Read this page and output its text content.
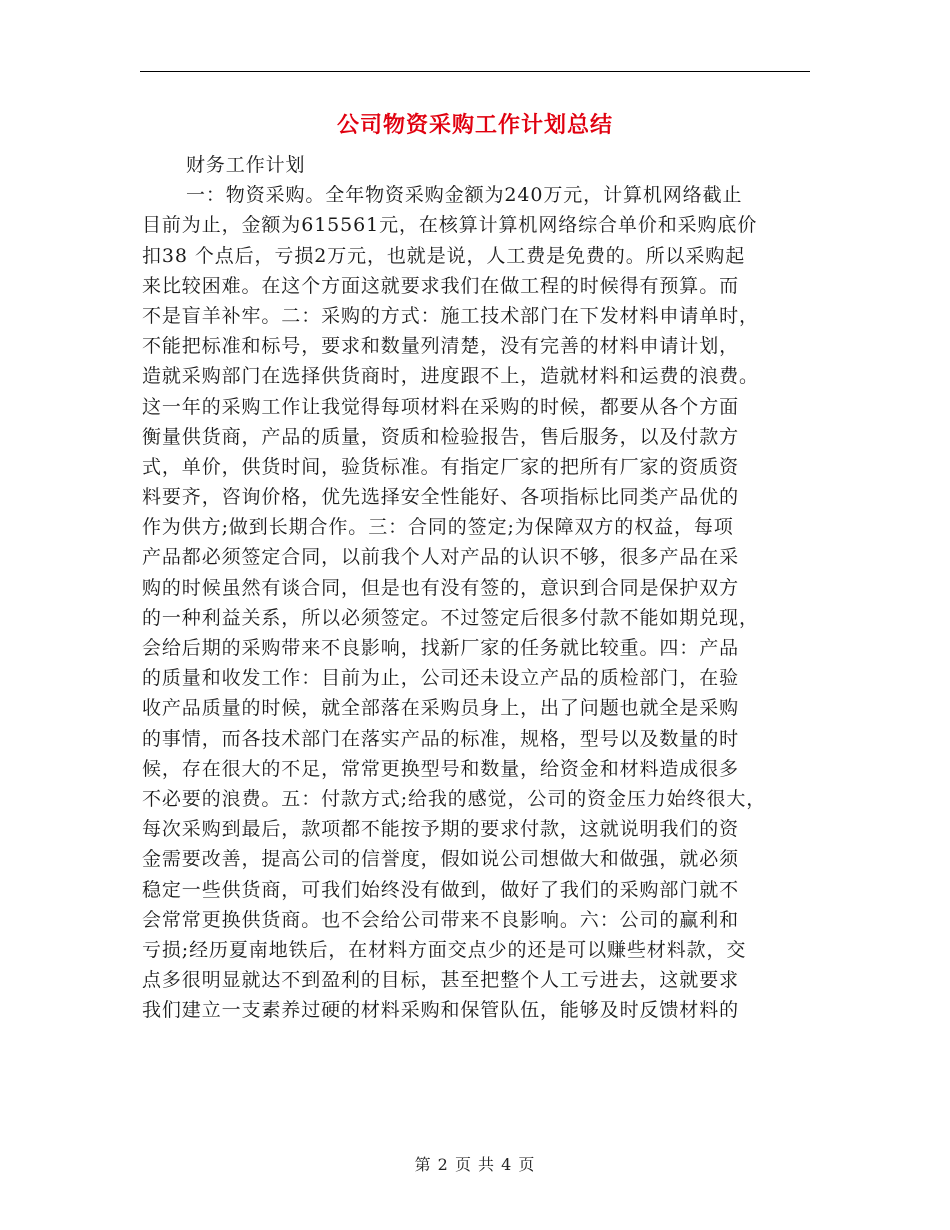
公司物资采购工作计划总结
财务工作计划
一：物资采购。全年物资采购金额为240万元，计算机网络截止
目前为止，金额为615561元，在核算计算机网络综合单价和采购底价
扣38 个点后，亏损2万元，也就是说，人工费是免费的。所以采购起
来比较困难。在这个方面这就要求我们在做工程的时候得有预算。而
不是盲羊补牢。二：采购的方式：施工技术部门在下发材料申请单时，
不能把标准和标号，要求和数量列清楚，没有完善的材料申请计划，
造就采购部门在选择供货商时，进度跟不上，造就材料和运费的浪费。
这一年的采购工作让我觉得每项材料在采购的时候，都要从各个方面
衡量供货商，产品的质量，资质和检验报告，售后服务，以及付款方
式，单价，供货时间，验货标准。有指定厂家的把所有厂家的资质资
料要齐，咨询价格，优先选择安全性能好、各项指标比同类产品优的
作为供方;做到长期合作。三：合同的签定;为保障双方的权益，每项
产品都必须签定合同，以前我个人对产品的认识不够，很多产品在采
购的时候虽然有谈合同，但是也有没有签的，意识到合同是保护双方
的一种利益关系，所以必须签定。不过签定后很多付款不能如期兑现，
会给后期的采购带来不良影响，找新厂家的任务就比较重。四：产品
的质量和收发工作：目前为止，公司还未设立产品的质检部门，在验
收产品质量的时候，就全部落在采购员身上，出了问题也就全是采购
的事情，而各技术部门在落实产品的标准，规格，型号以及数量的时
候，存在很大的不足，常常更换型号和数量，给资金和材料造成很多
不必要的浪费。五：付款方式;给我的感觉，公司的资金压力始终很大，
每次采购到最后，款项都不能按予期的要求付款，这就说明我们的资
金需要改善，提高公司的信誉度，假如说公司想做大和做强，就必须
稳定一些供货商，可我们始终没有做到，做好了我们的采购部门就不
会常常更换供货商。也不会给公司带来不良影响。六：公司的赢利和
亏损;经历夏南地铁后，在材料方面交点少的还是可以赚些材料款，交
点多很明显就达不到盈利的目标，甚至把整个人工亏进去，这就要求
我们建立一支素养过硬的材料采购和保管队伍，能够及时反馈材料的
第 2 页 共 4 页
